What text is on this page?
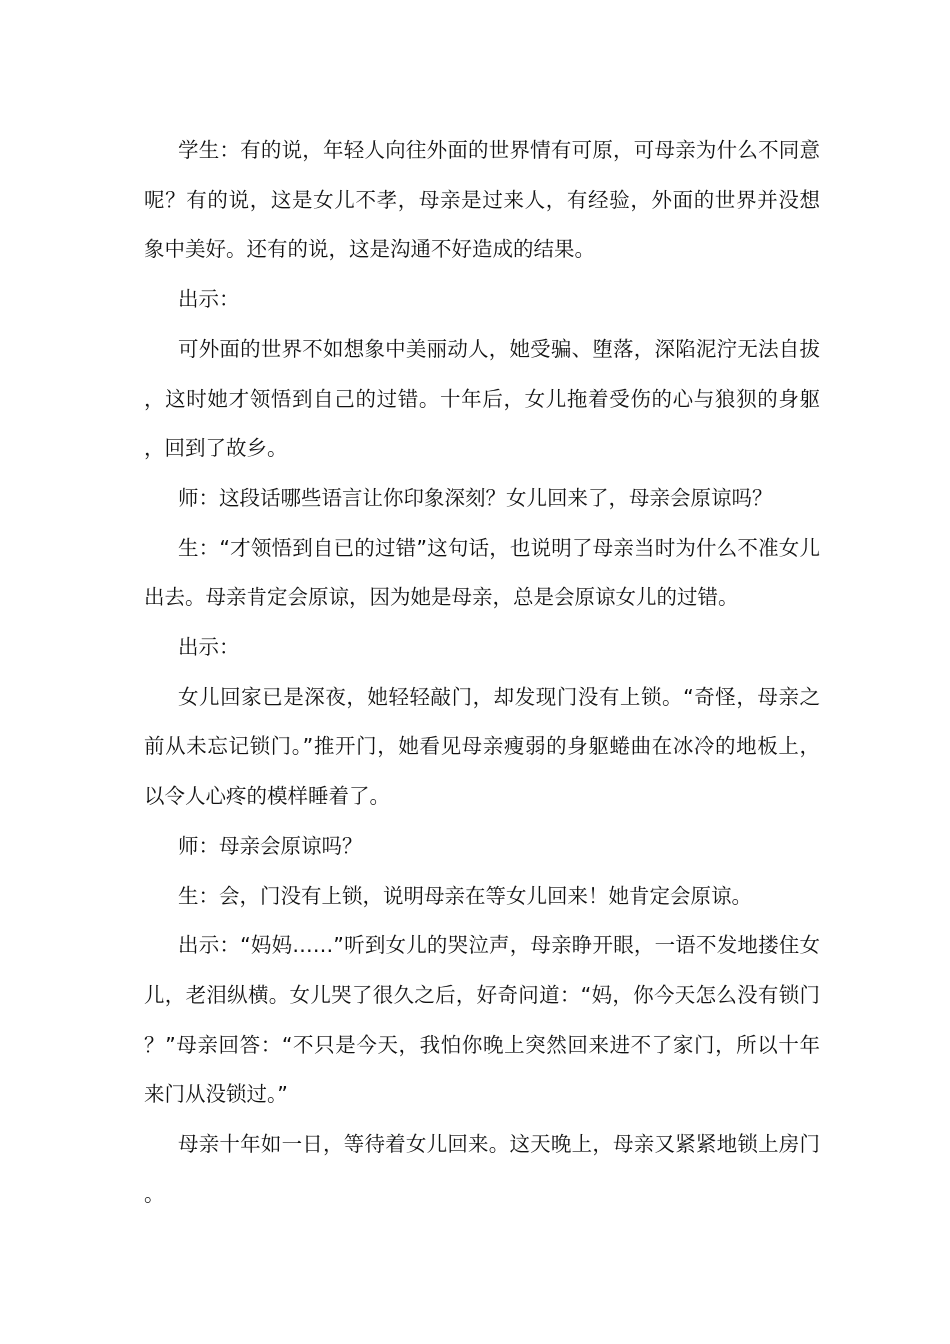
学生：有的说，年轻人向往外面的世界情有可原，可母亲为什么不同意呢？有的说，这是女儿不孝，母亲是过来人，有经验，外面的世界并没想象中美好。还有的说，这是沟通不好造成的结果。

出示：

可外面的世界不如想象中美丽动人，她受骗、堕落，深陷泥泞无法自拔，这时她才领悟到自己的过错。十年后，女儿拖着受伤的心与狼狈的身躯，回到了故乡。

师：这段话哪些语言让你印象深刻？女儿回来了，母亲会原谅吗？

生：“才领悟到自已的过错”这句话，也说明了母亲当时为什么不准女儿出去。母亲肯定会原谅，因为她是母亲，总是会原谅女儿的过错。

出示：

女儿回家已是深夜，她轻轻敲门，却发现门没有上锁。“奇怪，母亲之前从未忘记锁门。”推开门，她看见母亲瘦弱的身躯蜷曲在冰冷的地板上，以令人心疼的模样睡着了。

师：母亲会原谅吗？

生：会，门没有上锁，说明母亲在等女儿回来！她肯定会原谅。

出示：“妈妈……”听到女儿的哭泣声，母亲睁开眼，一语不发地搂住女儿，老泪纵横。女儿哭了很久之后，好奇问道：“妈，你今天怎么没有锁门？”母亲回答：“不只是今天，我怕你晚上突然回来进不了家门，所以十年来门从没锁过。”

母亲十年如一日，等待着女儿回来。这天晚上，母亲又紧紧地锁上房门。
